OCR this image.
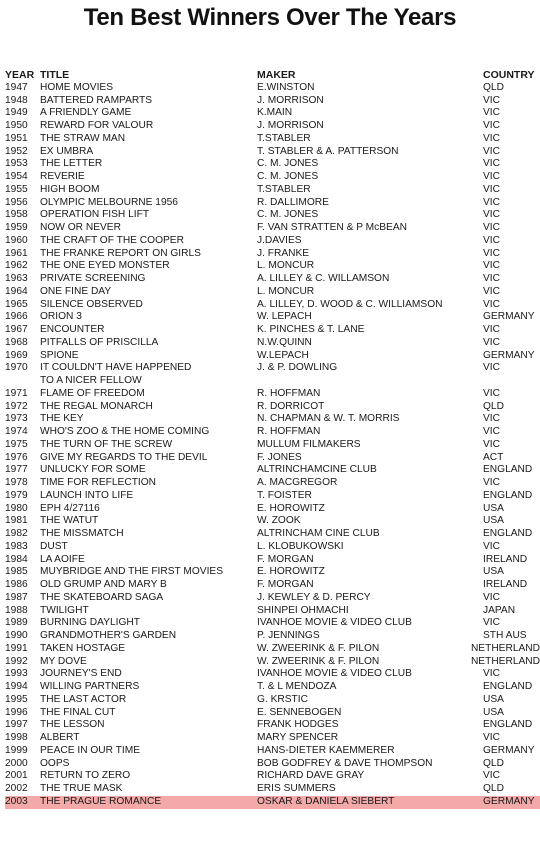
Ten Best Winners Over The Years
YEAR TITLE	MAKER	COUNTRY
1947	HOME MOVIES	E.WINSTON	QLD
1948	BATTERED RAMPARTS	J. MORRISON	VIC
1949	A FRIENDLY GAME	K.MAIN	VIC
1950	REWARD FOR VALOUR	J. MORRISON	VIC
1951	THE STRAW MAN	T.STABLER	VIC
1952	EX UMBRA	T. STABLER & A. PATTERSON	VIC
1953	THE LETTER	C. M. JONES	VIC
1954	REVERIE	C. M. JONES	VIC
1955	HIGH BOOM	T.STABLER	VIC
1956	OLYMPIC MELBOURNE 1956	R. DALLIMORE	VIC
1958	OPERATION FISH LIFT	C. M. JONES	VIC
1959	NOW OR NEVER	F. VAN STRATTEN & P McBEAN	VIC
1960	THE CRAFT OF THE COOPER	J.DAVIES	VIC
1961	THE FRANKE REPORT ON GIRLS	J. FRANKE	VIC
1962	THE ONE EYED MONSTER	L. MONCUR	VIC
1963	PRIVATE SCREENING	A. LILLEY & C. WILLAMSON	VIC
1964	ONE FINE DAY	L. MONCUR	VIC
1965	SILENCE OBSERVED	A. LILLEY, D. WOOD & C. WILLIAMSON	VIC
1966	ORION 3	W. LEPACH	GERMANY
1967	ENCOUNTER	K. PINCHES & T. LANE	VIC
1968	PITFALLS OF PRISCILLA	N.W.QUINN	VIC
1969	SPIONE	W.LEPACH	GERMANY
1970	IT COULDN'T HAVE HAPPENED	J. & P. DOWLING	VIC
TO A NICER FELLOW
1971	FLAME OF FREEDOM	R. HOFFMAN	VIC
1972	THE REGAL MONARCH	R. DORRICOT	QLD
1973	THE KEY	N. CHAPMAN & W. T. MORRIS	VIC
1974	WHO'S ZOO & THE HOME COMING	R. HOFFMAN	VIC
1975	THE TURN OF THE SCREW	MULLUM FILMAKERS	VIC
1976	GIVE MY REGARDS TO THE DEVIL	F. JONES	ACT
1977	UNLUCKY FOR SOME	ALTRINCHAMCINE CLUB	ENGLAND
1978	TIME FOR REFLECTION	A. MACGREGOR	VIC
1979	LAUNCH INTO LIFE	T. FOISTER	ENGLAND
1980	EPH 4/27116	E. HOROWITZ	USA
1981	THE WATUT	W. ZOOK	USA
1982	THE MISSMATCH	ALTRINCHAM CINE CLUB	ENGLAND
1983	DUST	L. KLOBUKOWSKI	VIC
1984	LA AOIFE	F. MORGAN	IRELAND
1985	MUYBRIDGE AND THE FIRST MOVIES	E. HOROWITZ	USA
1986	OLD GRUMP AND MARY B	F. MORGAN	IRELAND
1987	THE SKATEBOARD SAGA	J. KEWLEY & D. PERCY	VIC
1988	TWILIGHT	SHINPEI OHMACHI	JAPAN
1989	BURNING DAYLIGHT	IVANHOE MOVIE & VIDEO CLUB	VIC
1990	GRANDMOTHER'S GARDEN	P. JENNINGS	STH AUS
1991	TAKEN HOSTAGE	W. ZWEERINK & F. PILON	NETHERLAND
1992	MY DOVE	W. ZWEERINK & F. PILON	NETHERLAND
1993	JOURNEY'S END	IVANHOE MOVIE & VIDEO CLUB	VIC
1994	WILLING PARTNERS	T. & L MENDOZA	ENGLAND
1995	THE LAST ACTOR	G. KRSTIC	USA
1996	THE FINAL CUT	E. SENNEBOGEN	USA
1997	THE LESSON	FRANK HODGES	ENGLAND
1998	ALBERT	MARY SPENCER	VIC
1999	PEACE IN OUR TIME	HANS-DIETER KAEMMERER	GERMANY
2000	OOPS	BOB GODFREY & DAVE THOMPSON	QLD
2001	RETURN TO ZERO	RICHARD DAVE GRAY	VIC
2002	THE TRUE MASK	ERIS SUMMERS	QLD
2003	THE PRAGUE ROMANCE	OSKAR & DANIELA SIEBERT	GERMANY
